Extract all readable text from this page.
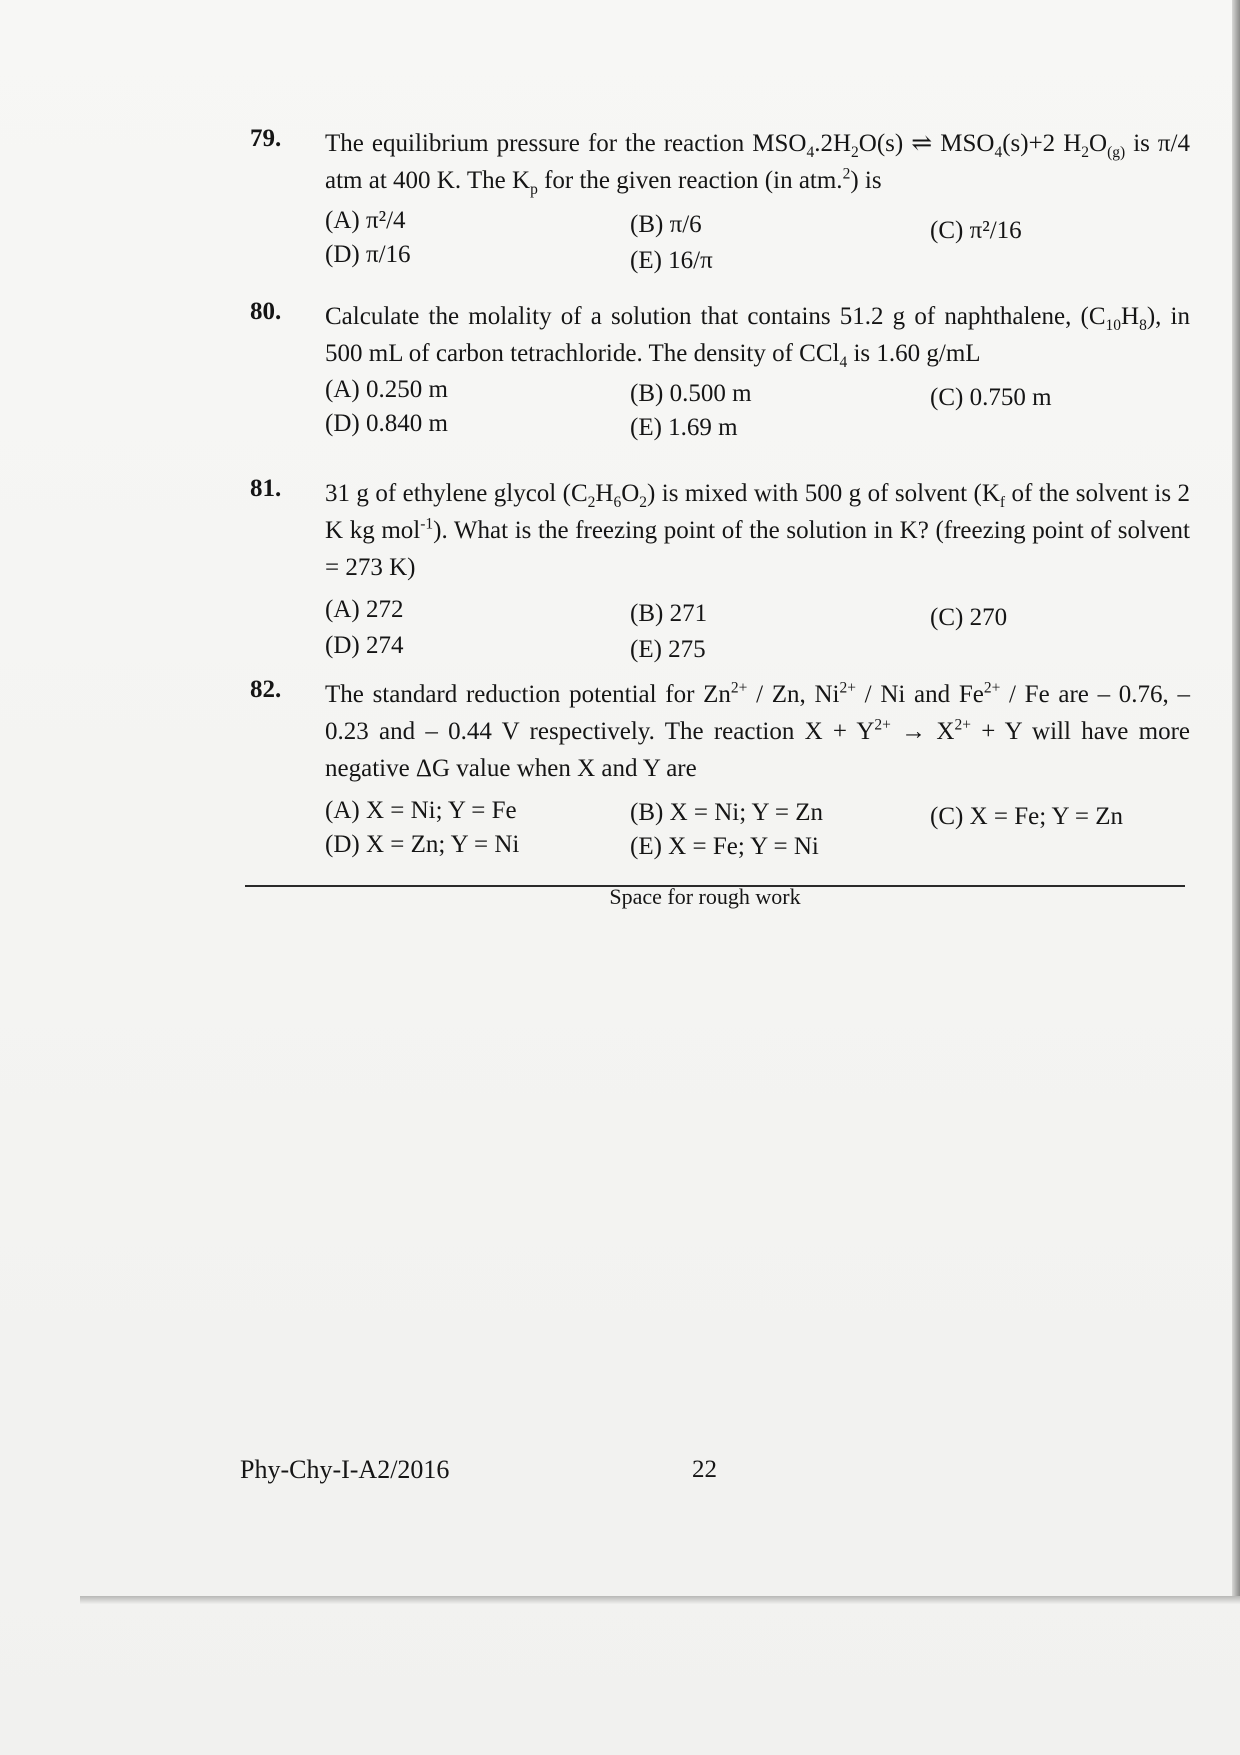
79. The equilibrium pressure for the reaction $MSO_4.2H_2O(s)$ ⇌ $MSO_4(s)+2$ $H_2O_{(g)}$ is π/4 atm at 400 K. The $K_p$ for the given reaction (in atm.$^2$) is
(A) π²/4	(B) π/6	(C) π²/16
(D) π/16	(E) 16/π
80. Calculate the molality of a solution that contains 51.2 g of naphthalene, $(C_{10}H_8)$, in 500 mL of carbon tetrachloride. The density of CCl$_4$ is 1.60 g/mL
(A) 0.250 m	(B) 0.500 m	(C) 0.750 m
(D) 0.840 m	(E) 1.69 m
81. 31 g of ethylene glycol $(C_2H_6O_2)$ is mixed with 500 g of solvent ($K_f$ of the solvent is 2 K kg mol$^{-1}$). What is the freezing point of the solution in K? (freezing point of solvent = 273 K)
(A) 272	(B) 271	(C) 270
(D) 274	(E) 275
82. The standard reduction potential for $Zn^{2+}$ / Zn, $Ni^{2+}$ / Ni and $Fe^{2+}$ / Fe are – 0.76, – 0.23 and – 0.44 V respectively. The reaction $X + Y^{2+} \to X^{2+} + Y$ will have more negative ΔG value when X and Y are
(A) X = Ni; Y = Fe	(B) X = Ni; Y = Zn	(C) X = Fe; Y = Zn
(D) X = Zn; Y = Ni	(E) X = Fe; Y = Ni
Space for rough work
Phy-Chy-I-A2/2016	22
